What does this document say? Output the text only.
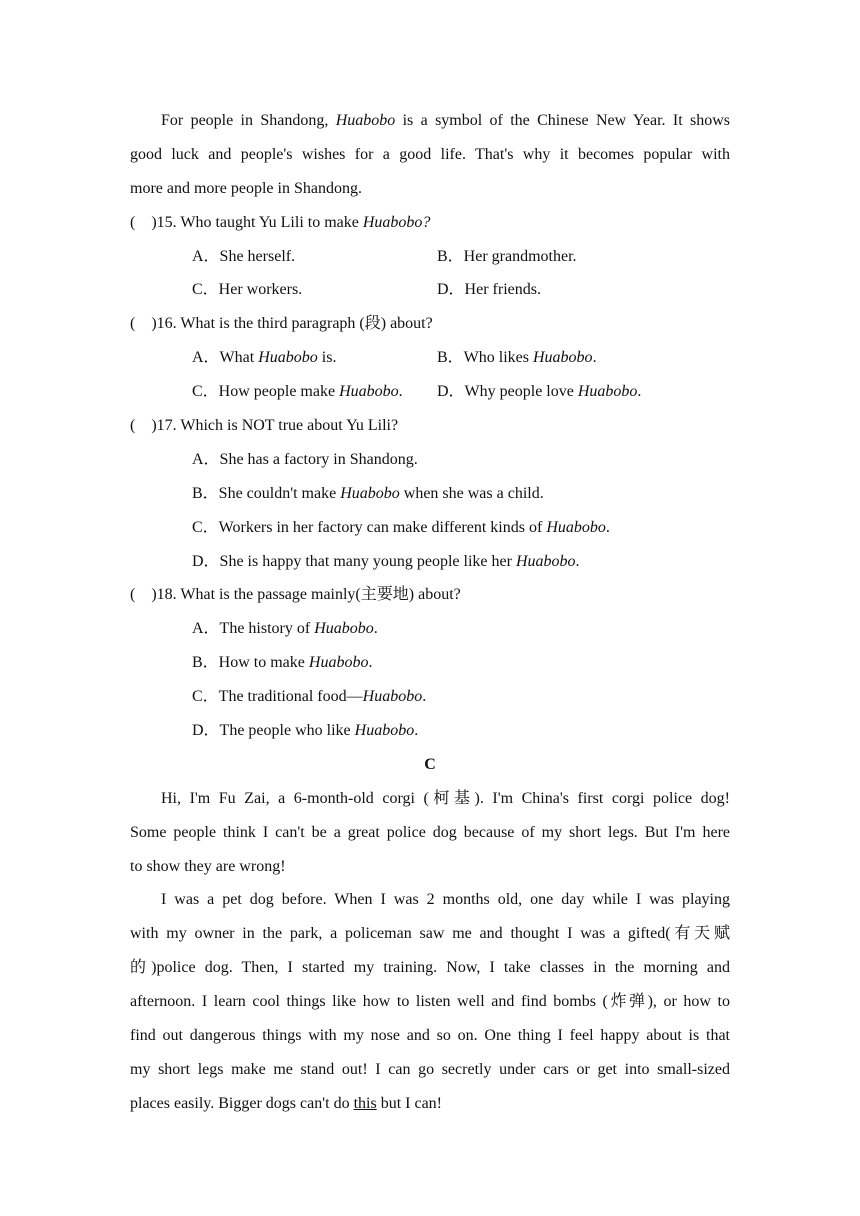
For people in Shandong, Huabobo is a symbol of the Chinese New Year. It shows
good luck and people's wishes for a good life. That's why it becomes popular with
more and more people in Shandong.
(    )15. Who taught Yu Lili to make Huabobo?
A．She herself.	B．Her grandmother.
C．Her workers.	D．Her friends.
(    )16. What is the third paragraph (段) about?
A．What Huabobo is.	B．Who likes Huabobo.
C．How people make Huabobo.	D．Why people love Huabobo.
(    )17. Which is NOT true about Yu Lili?
A．She has a factory in Shandong.
B．She couldn't make Huabobo when she was a child.
C．Workers in her factory can make different kinds of Huabobo.
D．She is happy that many young people like her Huabobo.
(    )18. What is the passage mainly(主要地) about?
A．The history of Huabobo.
B．How to make Huabobo.
C．The traditional food—Huabobo.
D．The people who like Huabobo.
C
Hi, I'm Fu Zai, a 6-month-old corgi (柯基). I'm China's first corgi police dog!
Some people think I can't be a great police dog because of my short legs. But I'm here
to show they are wrong!
I was a pet dog before. When I was 2 months old, one day while I was playing
with my owner in the park, a policeman saw me and thought I was a gifted(有天赋
的)police dog. Then, I started my training. Now, I take classes in the morning and
afternoon. I learn cool things like how to listen well and find bombs (炸弹), or how to
find out dangerous things with my nose and so on. One thing I feel happy about is that
my short legs make me stand out! I can go secretly under cars or get into small-sized
places easily. Bigger dogs can't do this but I can!
